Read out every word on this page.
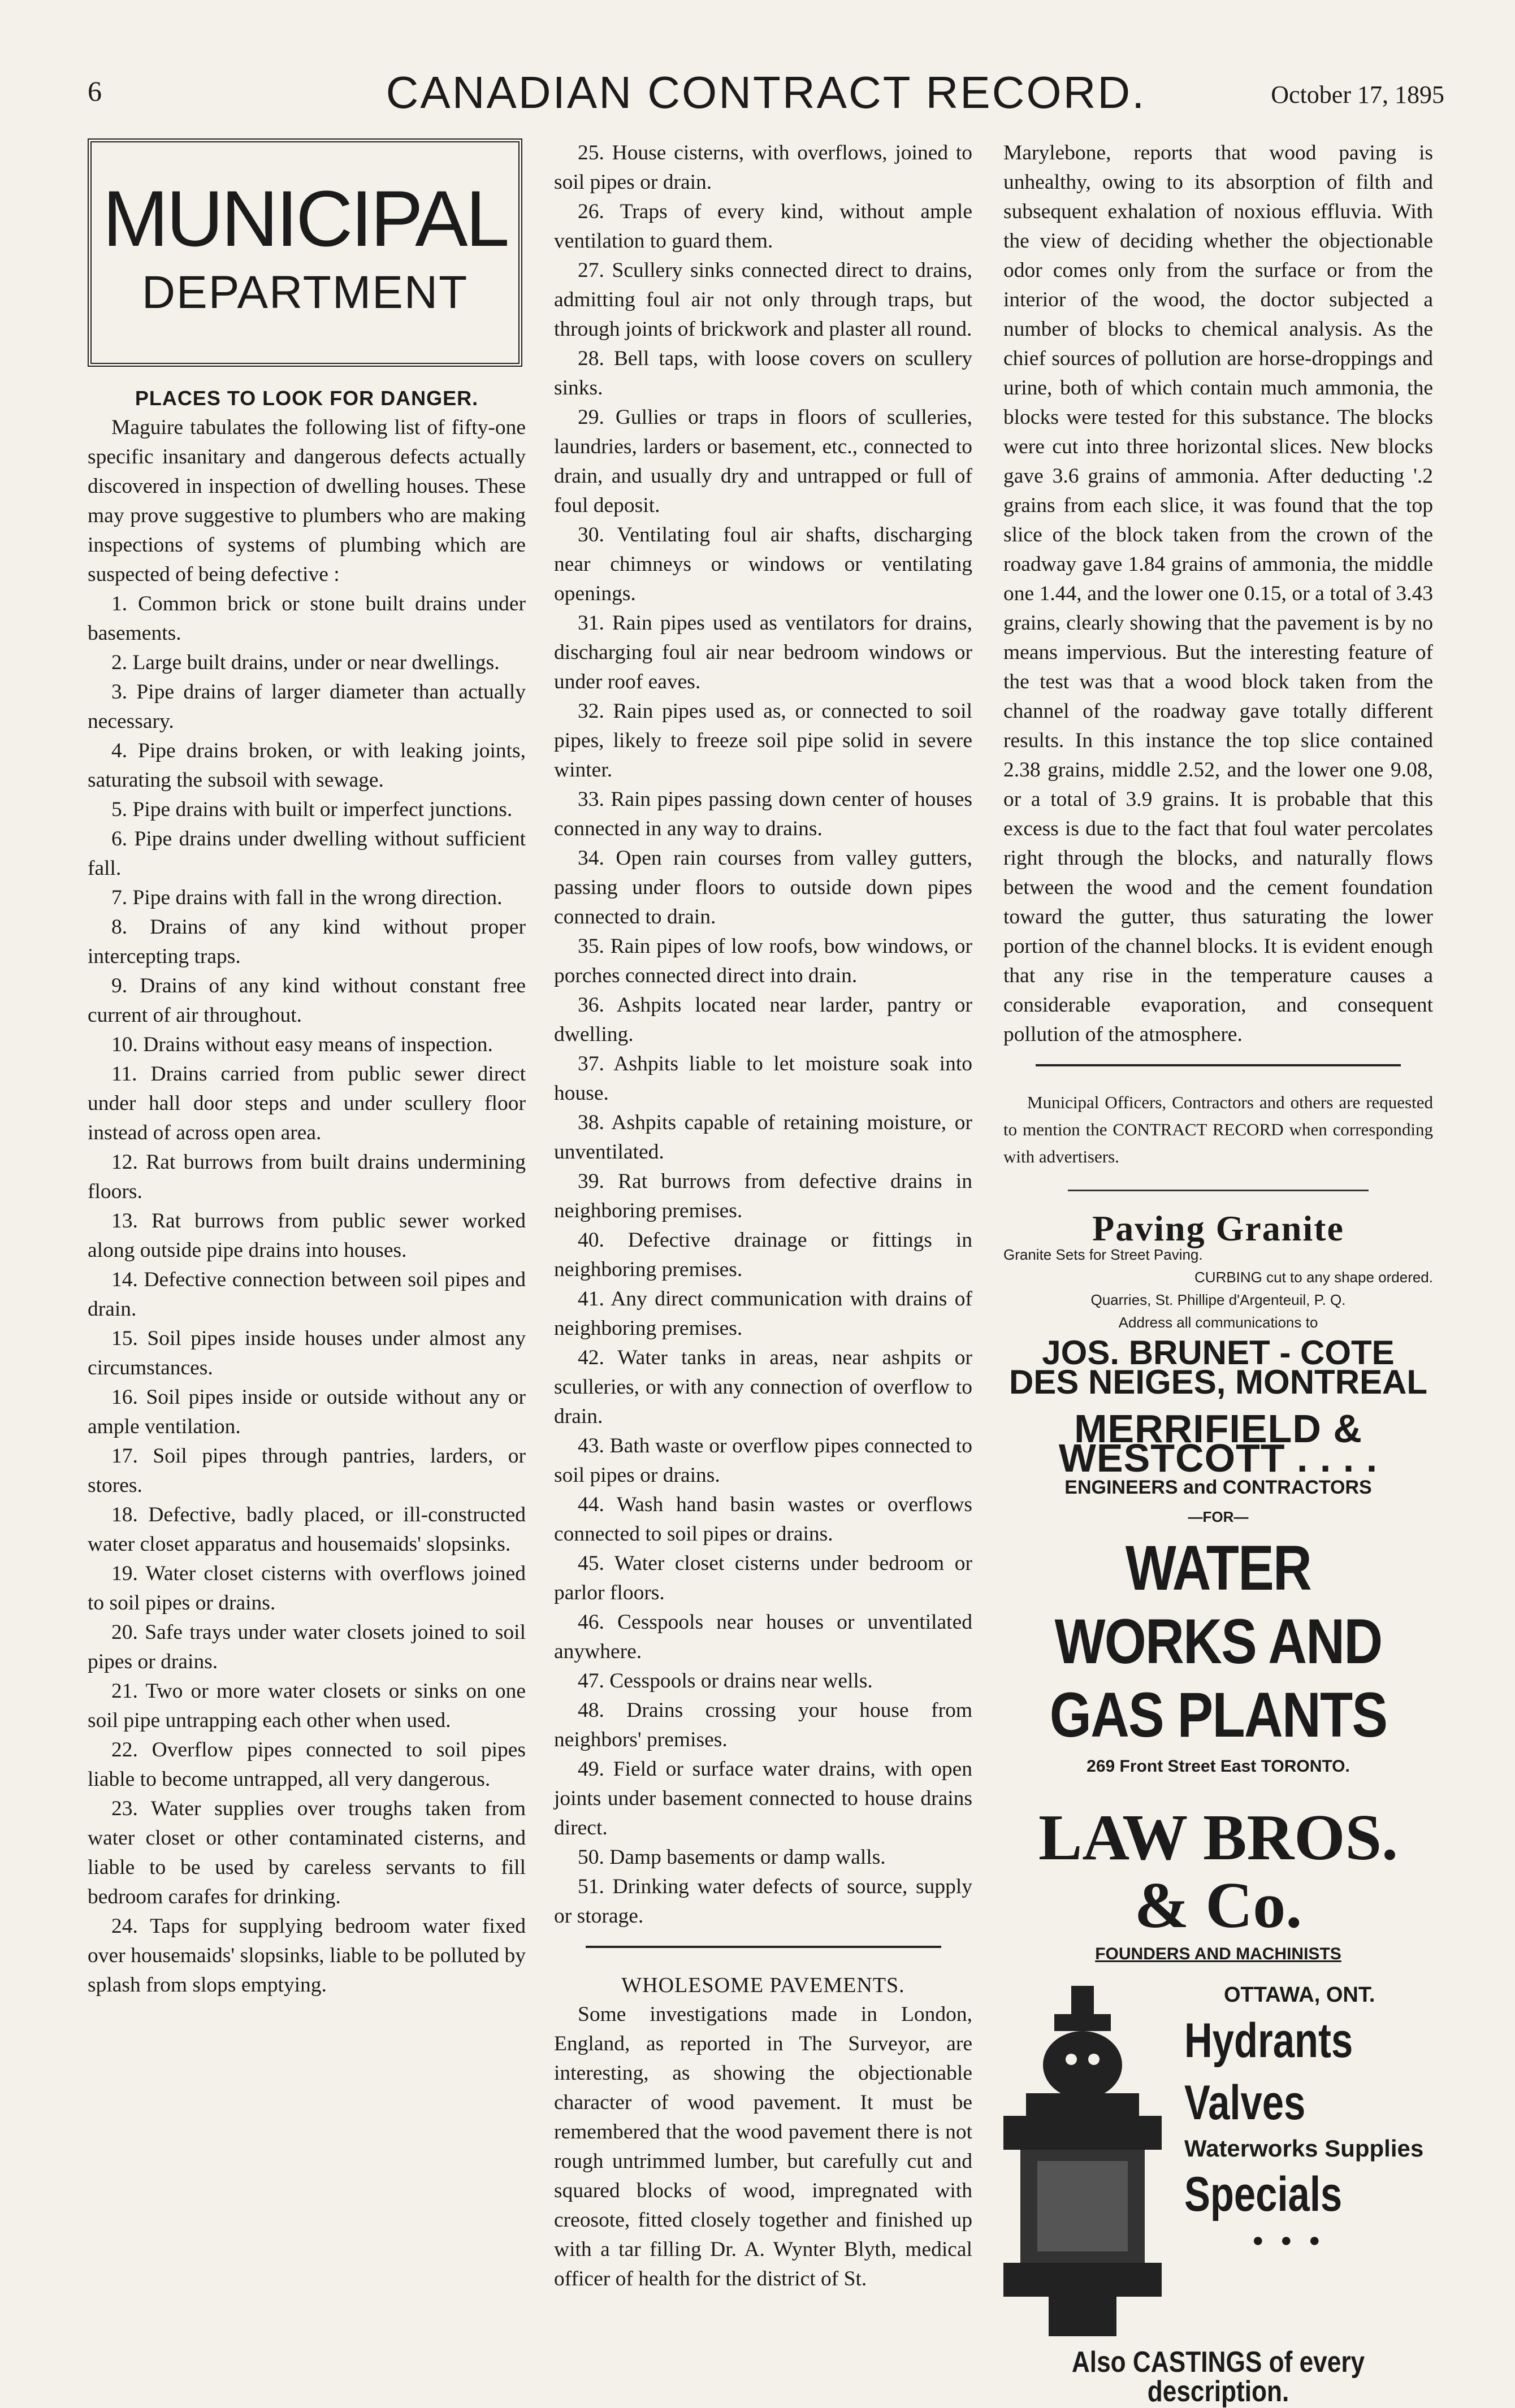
6	CANADIAN CONTRACT RECORD.	October 17, 1895
MUNICIPAL
DEPARTMENT
PLACES TO LOOK FOR DANGER.

Maguire tabulates the following list of fifty-one specific insanitary and dangerous defects actually discovered in inspection of dwelling houses. These may prove suggestive to plumbers who are making inspections of systems of plumbing which are suspected of being defective :

1. Common brick or stone built drains under basements.

2. Large built drains, under or near dwellings.

3. Pipe drains of larger diameter than actually necessary.

4. Pipe drains broken, or with leaking joints, saturating the subsoil with sewage.

5. Pipe drains with built or imperfect junctions.

6. Pipe drains under dwelling without sufficient fall.

7. Pipe drains with fall in the wrong direction.

8. Drains of any kind without proper intercepting traps.

9. Drains of any kind without constant free current of air throughout.

10. Drains without easy means of inspection.

11. Drains carried from public sewer direct under hall door steps and under scullery floor instead of across open area.

12. Rat burrows from built drains undermining floors.

13. Rat burrows from public sewer worked along outside pipe drains into houses.

14. Defective connection between soil pipes and drain.

15. Soil pipes inside houses under almost any circumstances.

16. Soil pipes inside or outside without any or ample ventilation.

17. Soil pipes through pantries, larders, or stores.

18. Defective, badly placed, or ill-constructed water closet apparatus and housemaids' slopsinks.

19. Water closet cisterns with overflows joined to soil pipes or drains.

20. Safe trays under water closets joined to soil pipes or drains.

21. Two or more water closets or sinks on one soil pipe untrapping each other when used.

22. Overflow pipes connected to soil pipes liable to become untrapped, all very dangerous.

23. Water supplies over troughs taken from water closet or other contaminated cisterns, and liable to be used by careless servants to fill bedroom carafes for drinking.

24. Taps for supplying bedroom water fixed over housemaids' slopsinks, liable to be polluted by splash from slops emptying.

25. House cisterns, with overflows, joined to soil pipes or drain.

26. Traps of every kind, without ample ventilation to guard them.

27. Scullery sinks connected direct to drains, admitting foul air not only through traps, but through joints of brickwork and plaster all round.

28. Bell taps, with loose covers on scullery sinks.

29. Gullies or traps in floors of sculleries, laundries, larders or basement, etc., connected to drain, and usually dry and untrapped or full of foul deposit.

30. Ventilating foul air shafts, discharging near chimneys or windows or ventilating openings.

31. Rain pipes used as ventilators for drains, discharging foul air near bedroom windows or under roof eaves.

32. Rain pipes used as, or connected to soil pipes, likely to freeze soil pipe solid in severe winter.

33. Rain pipes passing down center of houses connected in any way to drains.

34. Open rain courses from valley gutters, passing under floors to outside down pipes connected to drain.

35. Rain pipes of low roofs, bow windows, or porches connected direct into drain.

36. Ashpits located near larder, pantry or dwelling.

37. Ashpits liable to let moisture soak into house.

38. Ashpits capable of retaining moisture, or unventilated.

39. Rat burrows from defective drains in neighboring premises.

40. Defective drainage or fittings in neighboring premises.

41. Any direct communication with drains of neighboring premises.

42. Water tanks in areas, near ashpits or sculleries, or with any connection of overflow to drain.

43. Bath waste or overflow pipes connected to soil pipes or drains.

44. Wash hand basin wastes or overflows connected to soil pipes or drains.

45. Water closet cisterns under bedroom or parlor floors.

46. Cesspools near houses or unventilated anywhere.

47. Cesspools or drains near wells.

48. Drains crossing your house from neighbors' premises.

49. Field or surface water drains, with open joints under basement connected to house drains direct.

50. Damp basements or damp walls.

51. Drinking water defects of source, supply or storage.

WHOLESOME PAVEMENTS.

Some investigations made in London, England, as reported in The Surveyor, are interesting, as showing the objectionable character of wood pavement. It must be remembered that the wood pavement there is not rough untrimmed lumber, but carefully cut and squared blocks of wood, impregnated with creosote, fitted closely together and finished up with a tar filling Dr. A. Wynter Blyth, medical officer of health for the district of St.

Marylebone, reports that wood paving is unhealthy, owing to its absorption of filth and subsequent exhalation of noxious effluvia. With the view of deciding whether the objectionable odor comes only from the surface or from the interior of the wood, the doctor subjected a number of blocks to chemical analysis. As the chief sources of pollution are horse-droppings and urine, both of which contain much ammonia, the blocks were tested for this substance. The blocks were cut into three horizontal slices. New blocks gave 3.6 grains of ammonia. After deducting '.2 grains from each slice, it was found that the top slice of the block taken from the crown of the roadway gave 1.84 grains of ammonia, the middle one 1.44, and the lower one 0.15, or a total of 3.43 grains, clearly showing that the pavement is by no means impervious. But the interesting feature of the test was that a wood block taken from the channel of the roadway gave totally different results. In this instance the top slice contained 2.38 grains, middle 2.52, and the lower one 9.08, or a total of 3.9 grains. It is probable that this excess is due to the fact that foul water percolates right through the blocks, and naturally flows between the wood and the cement foundation toward the gutter, thus saturating the lower portion of the channel blocks. It is evident enough that any rise in the temperature causes a considerable evaporation, and consequent pollution of the atmosphere.

Municipal Officers, Contractors and others are requested to mention the CONTRACT RECORD when corresponding with advertisers.

Paving Granite
Granite Sets for Street Paving.
CURBING cut to any shape ordered.
Quarries, St. Phillipe d'Argenteuil, P. Q.
Address all communications to
JOS. BRUNET - COTE DES NEIGES, MONTREAL
MERRIFIELD & WESTCOTT . . . .
ENGINEERS and CONTRACTORS
—FOR—
WATER WORKS AND GAS PLANTS
269 Front Street East TORONTO.
LAW BROS. & Co.
FOUNDERS AND MACHINISTS
OTTAWA, ONT.
Hydrants
Valves
Waterworks Supplies
Specials
● ● ●
Also CASTINGS of every description.
